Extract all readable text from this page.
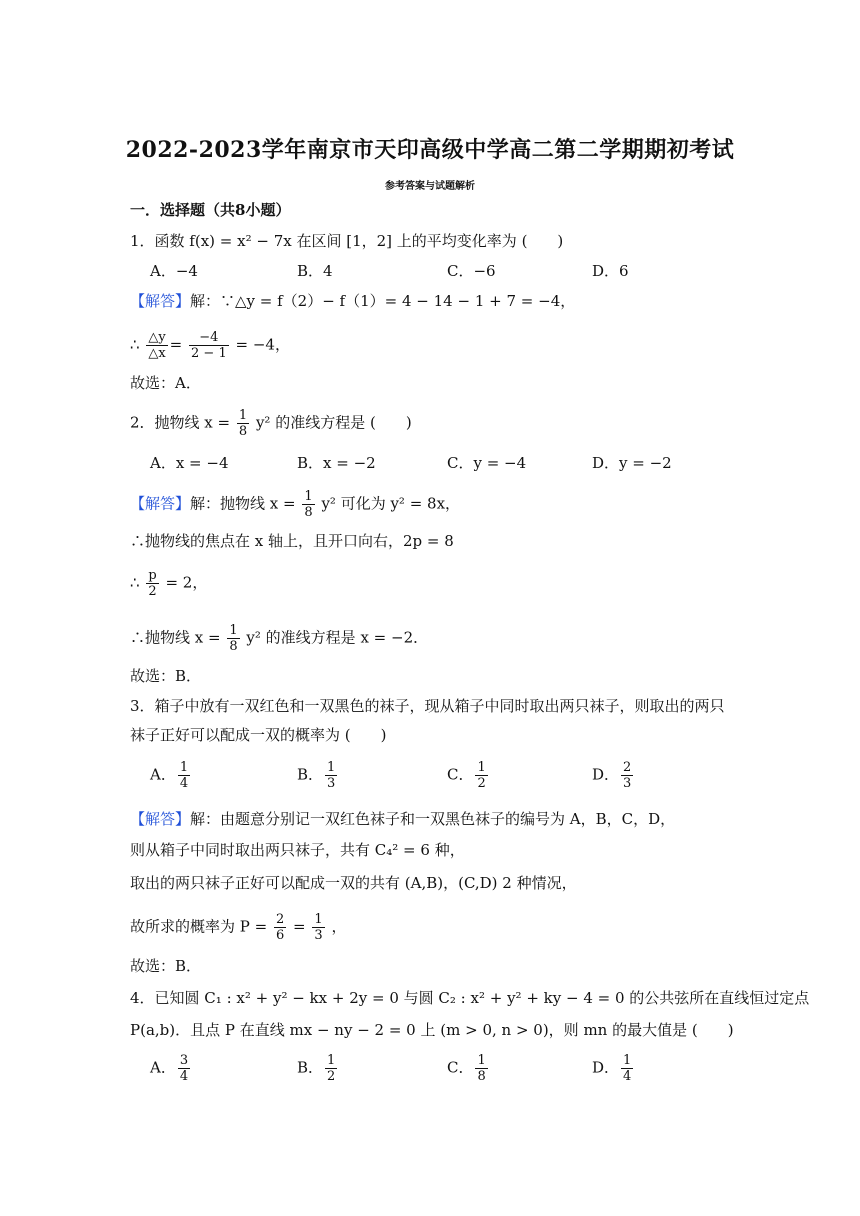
2022-2023学年南京市天印高级中学高二第二学期期初考试
参考答案与试题解析
一．选择题（共8小题）
1．函数 f(x) = x² − 7x 在区间 [1，2] 上的平均变化率为 (　　)
A．−4	B．4	C．−6	D．6
【解答】解：∵△y = f（2）− f（1）= 4 − 14 − 1 + 7 = −4，
∴ $\frac{\triangle y}{\triangle x} = \frac{-4}{2 - 1} = -4$，
故选：A．
2．抛物线 $x = \frac{1}{8} y^2$ 的准线方程是 (　　)
A．x = −4	B．x = −2	C．y = −4	D．y = −2
【解答】解：抛物线 $x = \frac{1}{8} y^2$ 可化为 y² = 8x，
∴抛物线的焦点在 x 轴上，且开口向右，2p = 8
∴ $\frac{p}{2} = 2$，
∴抛物线 $x = \frac{1}{8} y^2$ 的准线方程是 x = −2．
故选：B．
3．箱子中放有一双红色和一双黑色的袜子，现从箱子中同时取出两只袜子，则取出的两只
袜子正好可以配成一双的概率为 (　　)
A． $\frac{1}{4}$	B． $\frac{1}{3}$	C． $\frac{1}{2}$	D． $\frac{2}{3}$
【解答】解：由题意分别记一双红色袜子和一双黑色袜子的编号为 A，B，C，D，
则从箱子中同时取出两只袜子，共有 C₄² = 6 种，
取出的两只袜子正好可以配成一双的共有 (A,B)，(C,D) 2 种情况，
故所求的概率为 $P = \frac{2}{6} = \frac{1}{3}$ ，
故选：B．
4．已知圆 C₁ : x² + y² − kx + 2y = 0 与圆 C₂ : x² + y² + ky − 4 = 0 的公共弦所在直线恒过定点
P(a,b)．且点 P 在直线 mx − ny − 2 = 0 上 (m > 0, n > 0)，则 mn 的最大值是 (　　)
A． $\frac{3}{4}$	B． $\frac{1}{2}$	C． $\frac{1}{8}$	D． $\frac{1}{4}$
